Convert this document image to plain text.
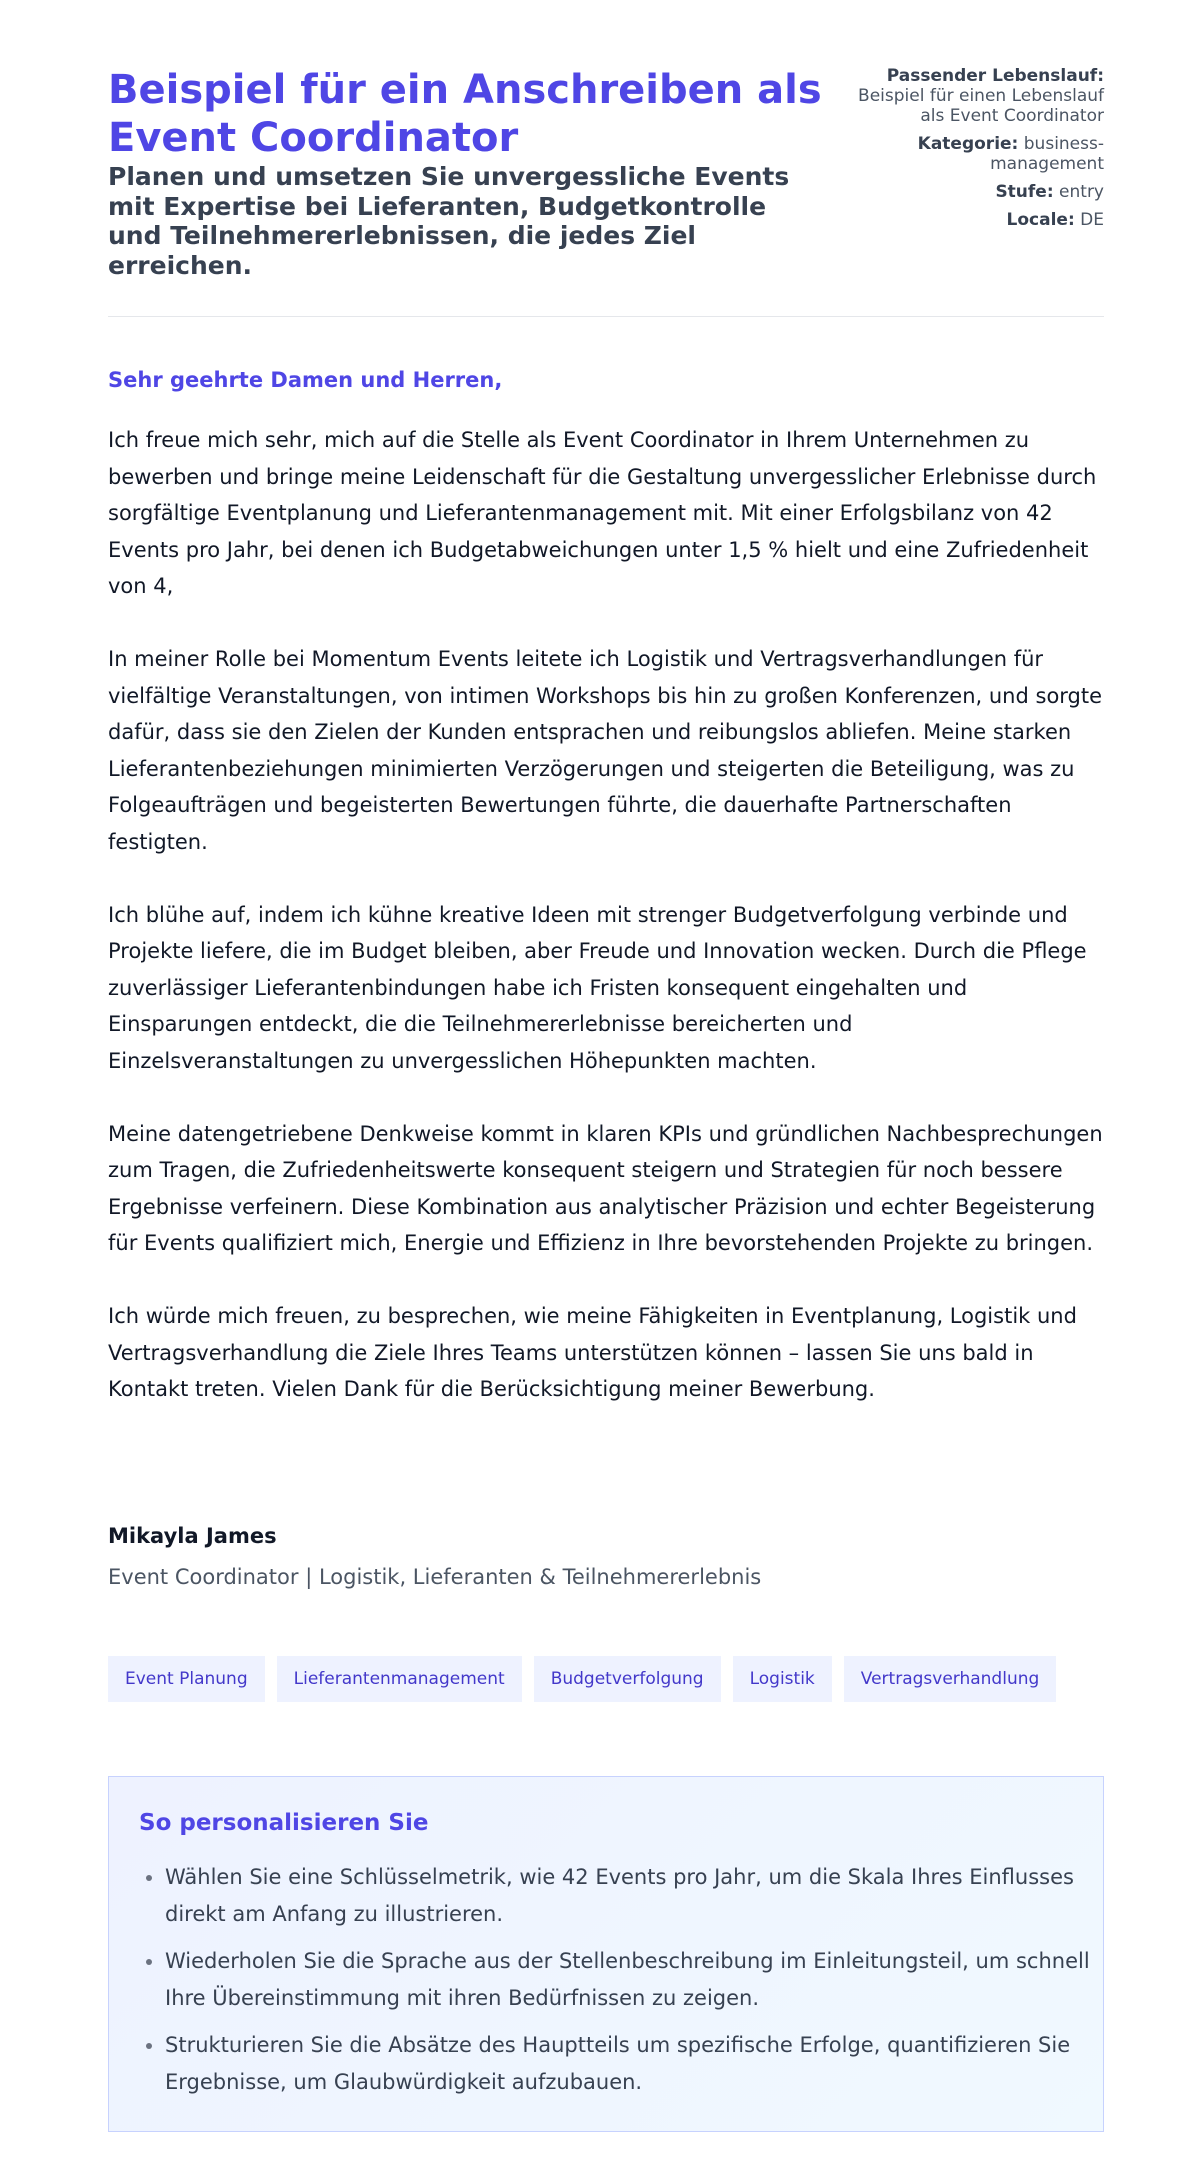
Beispiel für ein Anschreiben als Event Coordinator
Planen und umsetzen Sie unvergessliche Events mit Expertise bei Lieferanten, Budgetkontrolle und Teilnehmererlebnissen, die jedes Ziel erreichen.
Passender Lebenslauf:
Beispiel für einen Lebenslauf als Event Coordinator
Kategorie: business-management
Stufe: entry
Locale: DE

Sehr geehrte Damen und Herren,

Ich freue mich sehr, mich auf die Stelle als Event Coordinator in Ihrem Unternehmen zu bewerben und bringe meine Leidenschaft für die Gestaltung unvergesslicher Erlebnisse durch sorgfältige Eventplanung und Lieferantenmanagement mit. Mit einer Erfolgsbilanz von 42 Events pro Jahr, bei denen ich Budgetabweichungen unter 1,5 % hielt und eine Zufriedenheit von 4,

In meiner Rolle bei Momentum Events leitete ich Logistik und Vertragsverhandlungen für vielfältige Veranstaltungen, von intimen Workshops bis hin zu großen Konferenzen, und sorgte dafür, dass sie den Zielen der Kunden entsprachen und reibungslos abliefen. Meine starken Lieferantenbeziehungen minimierten Verzögerungen und steigerten die Beteiligung, was zu Folgeaufträgen und begeisterten Bewertungen führte, die dauerhafte Partnerschaften festigten.

Ich blühe auf, indem ich kühne kreative Ideen mit strenger Budgetverfolgung verbinde und Projekte liefere, die im Budget bleiben, aber Freude und Innovation wecken. Durch die Pflege zuverlässiger Lieferantenbindungen habe ich Fristen konsequent eingehalten und Einsparungen entdeckt, die die Teilnehmererlebnisse bereicherten und Einzelsveranstaltungen zu unvergesslichen Höhepunkten machten.

Meine datengetriebene Denkweise kommt in klaren KPIs und gründlichen Nachbesprechungen zum Tragen, die Zufriedenheitswerte konsequent steigern und Strategien für noch bessere Ergebnisse verfeinern. Diese Kombination aus analytischer Präzision und echter Begeisterung für Events qualifiziert mich, Energie und Effizienz in Ihre bevorstehenden Projekte zu bringen.

Ich würde mich freuen, zu besprechen, wie meine Fähigkeiten in Eventplanung, Logistik und Vertragsverhandlung die Ziele Ihres Teams unterstützen können – lassen Sie uns bald in Kontakt treten. Vielen Dank für die Berücksichtigung meiner Bewerbung.

Mikayla James

Event Coordinator | Logistik, Lieferanten & Teilnehmererlebnis

Event Planung	Lieferantenmanagement	Budgetverfolgung	Logistik	Vertragsverhandlung
So personalisieren Sie
• Wählen Sie eine Schlüsselmetrik, wie 42 Events pro Jahr, um die Skala Ihres Einflusses direkt am Anfang zu illustrieren.
• Wiederholen Sie die Sprache aus der Stellenbeschreibung im Einleitungsteil, um schnell Ihre Übereinstimmung mit ihren Bedürfnissen zu zeigen.
• Strukturieren Sie die Absätze des Hauptteils um spezifische Erfolge, quantifizieren Sie Ergebnisse, um Glaubwürdigkeit aufzubauen.
